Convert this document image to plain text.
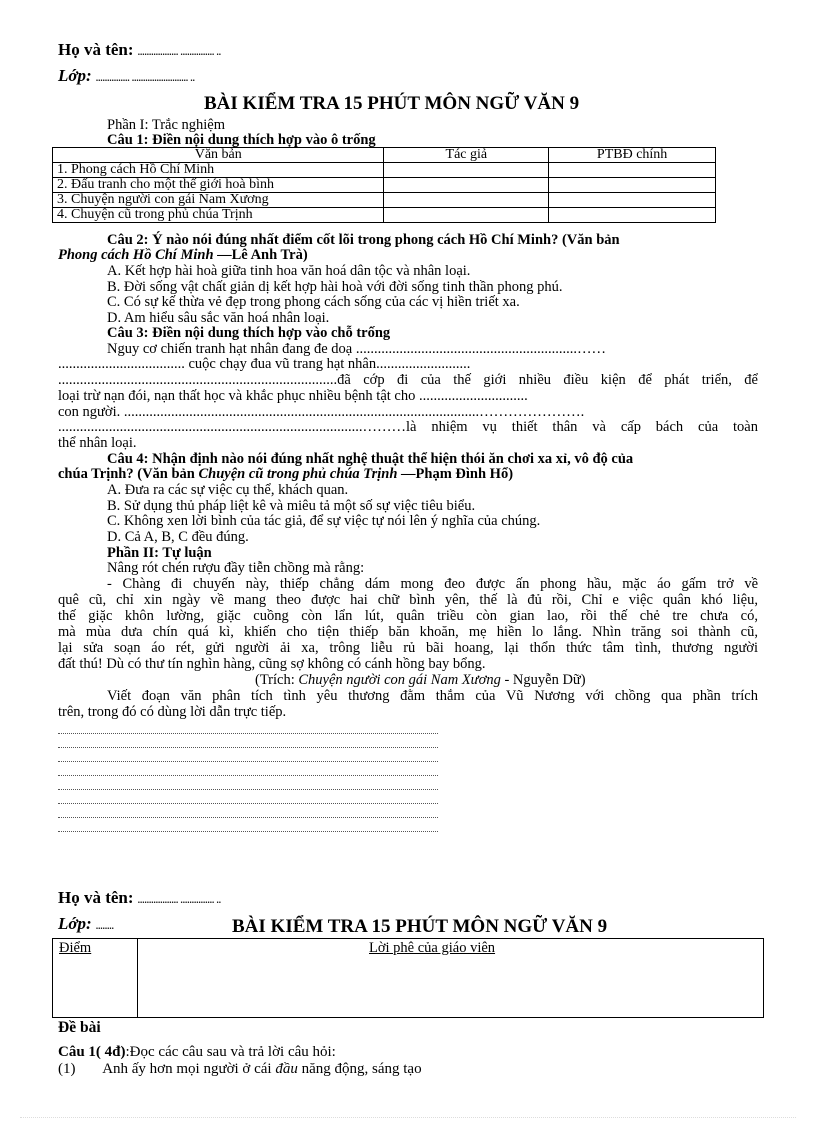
Họ và tên: .................. ............... ..
Lớp: ............... ......................... ..
BÀI KIỂM TRA 15 PHÚT MÔN NGỮ VĂN 9
Phần I: Trắc nghiệm
Câu 1: Điền nội dung thích hợp vào ô trống
Văn bản	Tác giả	PTBĐ chính
1. Phong cách Hồ Chí Minh		
2. Đấu tranh cho một thế giới hoà bình		
3. Chuyện người con gái Nam Xương		
4. Chuyện cũ trong phủ chúa Trịnh		
Câu 2: Ý nào nói đúng nhất điểm cốt lõi trong phong cách Hồ Chí Minh? (Văn bản
Phong cách Hồ Chí Minh —Lê Anh Trà)
A. Kết hợp hài hoà giữa tinh hoa văn hoá dân tộc và nhân loại.
B. Đời sống vật chất giản dị kết hợp hài hoà với đời sống tinh thần phong phú.
C. Có sự kế thừa vẻ đẹp trong phong cách sống của các vị hiền triết xa.
D. Am hiểu sâu sắc văn hoá nhân loại.
Câu 3: Điền nội dung thích hợp vào chỗ trống
Nguy cơ chiến tranh hạt nhân đang đe doạ .............................................................……
................................... cuộc chạy đua vũ trang hạt nhân..........................
.............................................................................đã cớp đi của thế giới nhiều điều kiện để phát triển, để
loại trừ nạn đói, nạn thất học và khắc phục nhiều bệnh tật cho ..............................
con người. ..................................................................................................………………….
....................................................................................………là nhiệm vụ thiết thân và cấp bách của toàn
thể nhân loại.
Câu 4: Nhận định nào nói đúng nhất nghệ thuật thể hiện thói ăn chơi xa xỉ, vô độ của
chúa Trịnh? (Văn bản Chuyện cũ trong phủ chúa Trịnh —Phạm Đình Hổ)
A. Đưa ra các sự việc cụ thể, khách quan.
B. Sử dụng thủ pháp liệt kê và miêu tả một số sự việc tiêu biểu.
C. Không xen lời bình của tác giả, để sự việc tự nói lên ý nghĩa của chúng.
D. Cả A, B, C đều đúng.
Phần II: Tự luận
Nâng rót chén rượu đầy tiễn chồng mà rằng:
- Chàng đi chuyến này, thiếp chẳng dám mong đeo được ấn phong hầu, mặc áo gấm trở về
quê cũ, chỉ xin ngày về mang theo được hai chữ bình yên, thế là đủ rồi, Chỉ e việc quân khó liệu,
thế giặc khôn lường, giặc cuồng còn lẩn lút, quân triều còn gian lao, rồi thế chẻ tre chưa có,
mà mùa dưa chín quá kì, khiến cho tiện thiếp băn khoăn, mẹ hiền lo lắng. Nhìn trăng soi thành cũ,
lại sửa soạn áo rét, gửi người ải xa, trông liễu rủ bãi hoang, lại thổn thức tâm tình, thương người
đất thú! Dù có thư tín nghìn hàng, cũng sợ không có cánh hồng bay bổng.
(Trích: Chuyện người con gái Nam Xương - Nguyễn Dữ)
Viết đoạn văn phân tích tình yêu thương đằm thắm của Vũ Nương với chồng qua phần trích
trên, trong đó có dùng lời dẫn trực tiếp.
Họ và tên: .................. ............... ..
Lớp: ........	BÀI KIỂM TRA 15 PHÚT MÔN NGỮ VĂN 9
Điểm	Lời phê của giáo viên
Đề bài
Câu 1( 4đ):Đọc các câu sau và trả lời câu hỏi:
(1) Anh ấy hơn mọi người ở cái đầu năng động, sáng tạo
